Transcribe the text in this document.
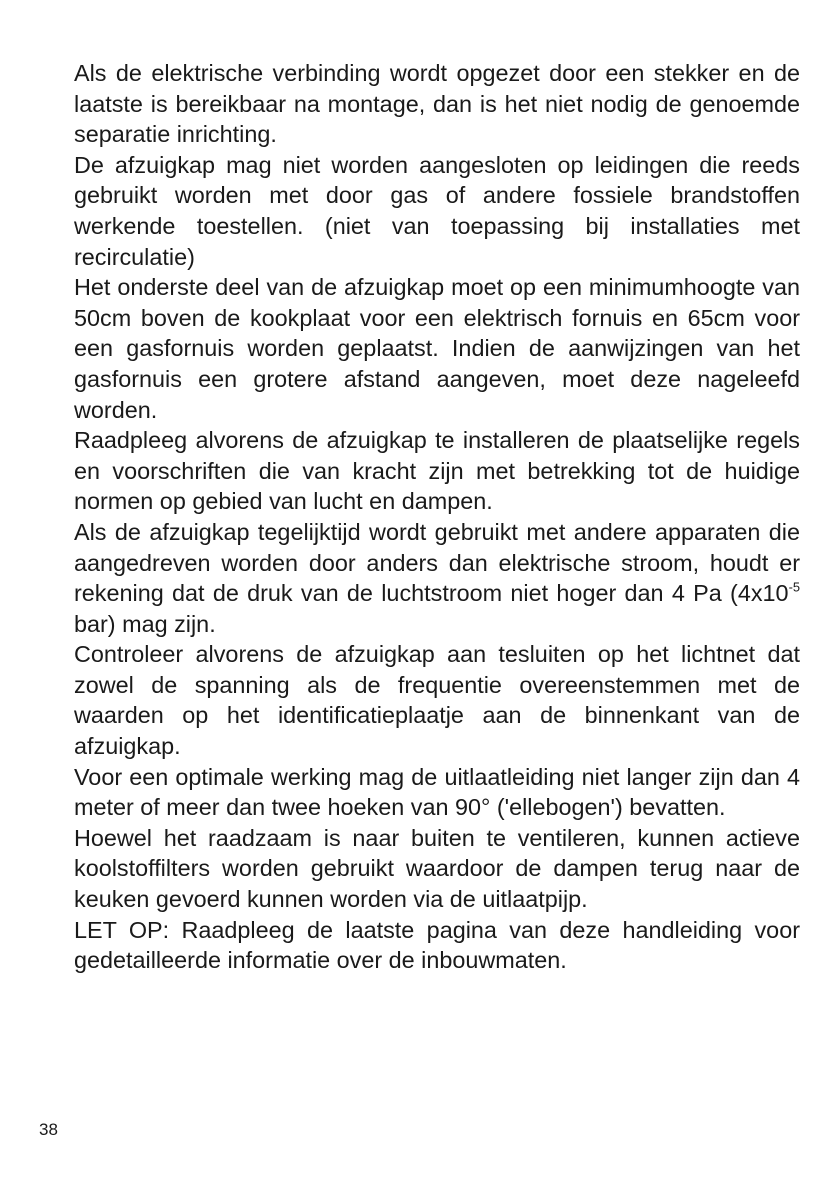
Als de elektrische verbinding wordt opgezet door een stekker en de laatste is bereikbaar na montage, dan is het niet nodig de genoemde separatie inrichting.

De afzuigkap mag niet worden aangesloten op leidingen die reeds gebruikt worden met door gas of andere fossiele brandstoffen werkende toestellen. (niet van toepassing bij installaties met recirculatie)

Het onderste deel van de afzuigkap moet op een minimumhoogte van 50cm boven de kookplaat voor een elektrisch fornuis en 65cm voor een gasfornuis worden geplaatst. Indien de aanwijzingen van het gasfornuis een grotere afstand aangeven, moet deze nageleefd worden.

Raadpleeg alvorens de afzuigkap te installeren de plaatselijke regels en voorschriften die van kracht zijn met betrekking tot de huidige normen op gebied van lucht en dampen.

Als de afzuigkap tegelijktijd wordt gebruikt met andere apparaten die aangedreven worden door anders dan elektrische stroom, houdt er rekening dat de druk van de luchtstroom niet hoger dan 4 Pa ($4x10^{-5}$ bar) mag zijn.

Controleer alvorens de afzuigkap aan tesluiten op het lichtnet dat zowel de spanning als de frequentie overeenstemmen met de waarden op het identificatieplaatje aan de binnenkant van de afzuigkap.

Voor een optimale werking mag de uitlaatleiding niet langer zijn dan 4 meter of meer dan twee hoeken van 90° ('ellebogen') bevatten.

Hoewel het raadzaam is naar buiten te ventileren, kunnen actieve koolstoffilters worden gebruikt waardoor de dampen terug naar de keuken gevoerd kunnen worden via de uitlaatpijp.

LET OP: Raadpleeg de laatste pagina van deze handleiding voor gedetailleerde informatie over de inbouwmaten.

38
